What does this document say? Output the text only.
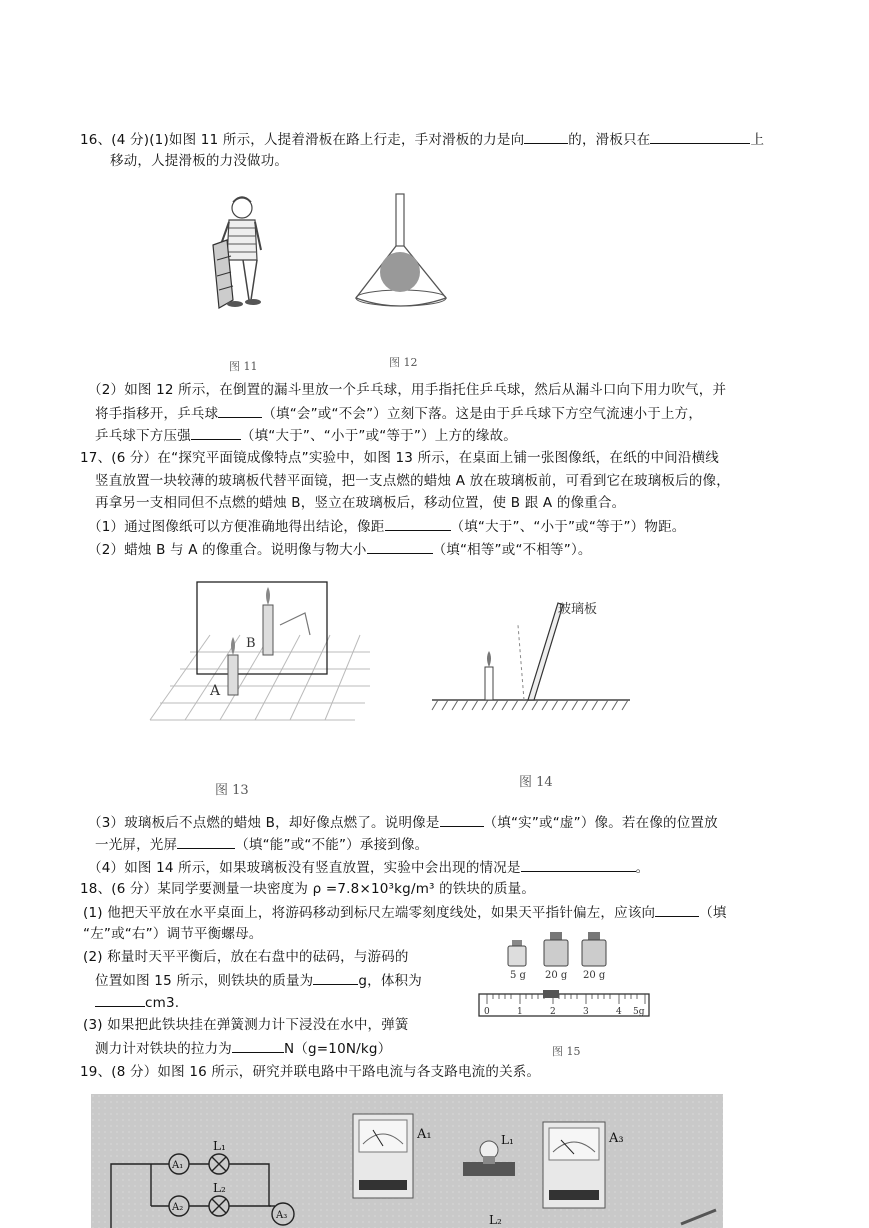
16、(4 分)(1)如图 11 所示，人提着滑板在路上行走，手对滑板的力是向	的，滑板只在	上
移动，人提滑板的力没做功。
图 11	图 12
（2）如图 12 所示，在倒置的漏斗里放一个乒乓球，用手指托住乒乓球，然后从漏斗口向下用力吹气，并
将手指移开，乒乓球	（填“会”或“不会”）立刻下落。这是由于乒乓球下方空气流速小于上方，
乒乓球下方压强	（填“大于”、“小于”或“等于”）上方的缘故。
17、(6 分）在“探究平面镜成像特点”实验中，如图 13 所示，在桌面上铺一张图像纸，在纸的中间沿横线
竖直放置一块较薄的玻璃板代替平面镜，把一支点燃的蜡烛 A 放在玻璃板前，可看到它在玻璃板后的像，
再拿另一支相同但不点燃的蜡烛 B，竖立在玻璃板后，移动位置，使 B 跟 A 的像重合。
（1）通过图像纸可以方便准确地得出结论，像距	（填“大于”、“小于”或“等于”）物距。
（2）蜡烛 B 与 A 的像重合。说明像与物大小	（填“相等”或“不相等”）。
B
A
图 13
玻璃板
图 14
（3）玻璃板后不点燃的蜡烛 B，却好像点燃了。说明像是	（填“实”或“虚”）像。若在像的位置放
一光屏，光屏	（填“能”或“不能”）承接到像。
（4）如图 14 所示，如果玻璃板没有竖直放置，实验中会出现的情况是	。
18、(6 分）某同学要测量一块密度为 ρ =7.8×10³kg/m³ 的铁块的质量。
(1) 他把天平放在水平桌面上，将游码移动到标尺左端零刻度线处，如果天平指针偏左，应该向	（填
“左”或“右”）调节平衡螺母。
(2) 称量时天平平衡后，放在右盘中的砝码，与游码的
位置如图 15 所示，则铁块的质量为	g，体积为
cm3.
(3) 如果把此铁块挂在弹簧测力计下浸没在水中，弹簧
测力计对铁块的拉力为	N（g=10N/kg）
5 g 20 g 20 g
0	1	2	3	4 5g
图 15
19、(8 分）如图 16 所示，研究并联电路中干路电流与各支路电流的关系。
A₁
A₂
A₃
L₁
L₂
A₁	L₁	A₃
L₂
